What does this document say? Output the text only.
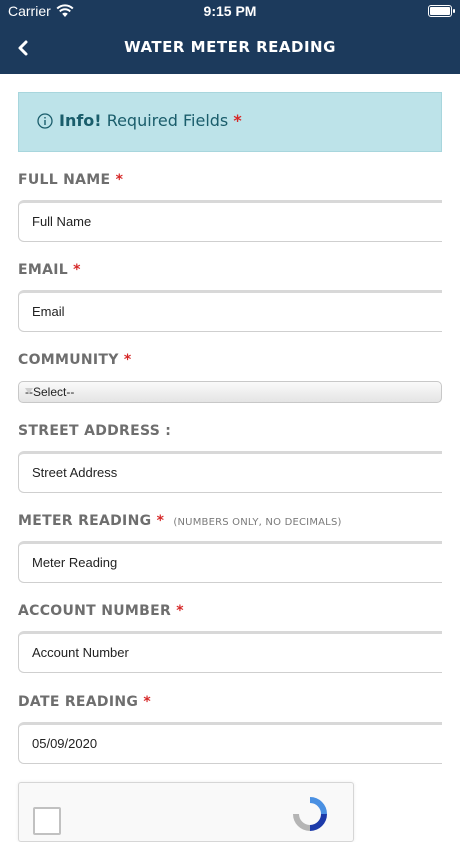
Carrier	9:15 PM
WATER METER READING
Info! Required Fields *
FULL NAME *
Full Name
EMAIL *
Email
COMMUNITY *
--Select--
STREET ADDRESS :
Street Address
METER READING * (NUMBERS ONLY, NO DECIMALS)
Meter Reading
ACCOUNT NUMBER *
Account Number
DATE READING *
05/09/2020
